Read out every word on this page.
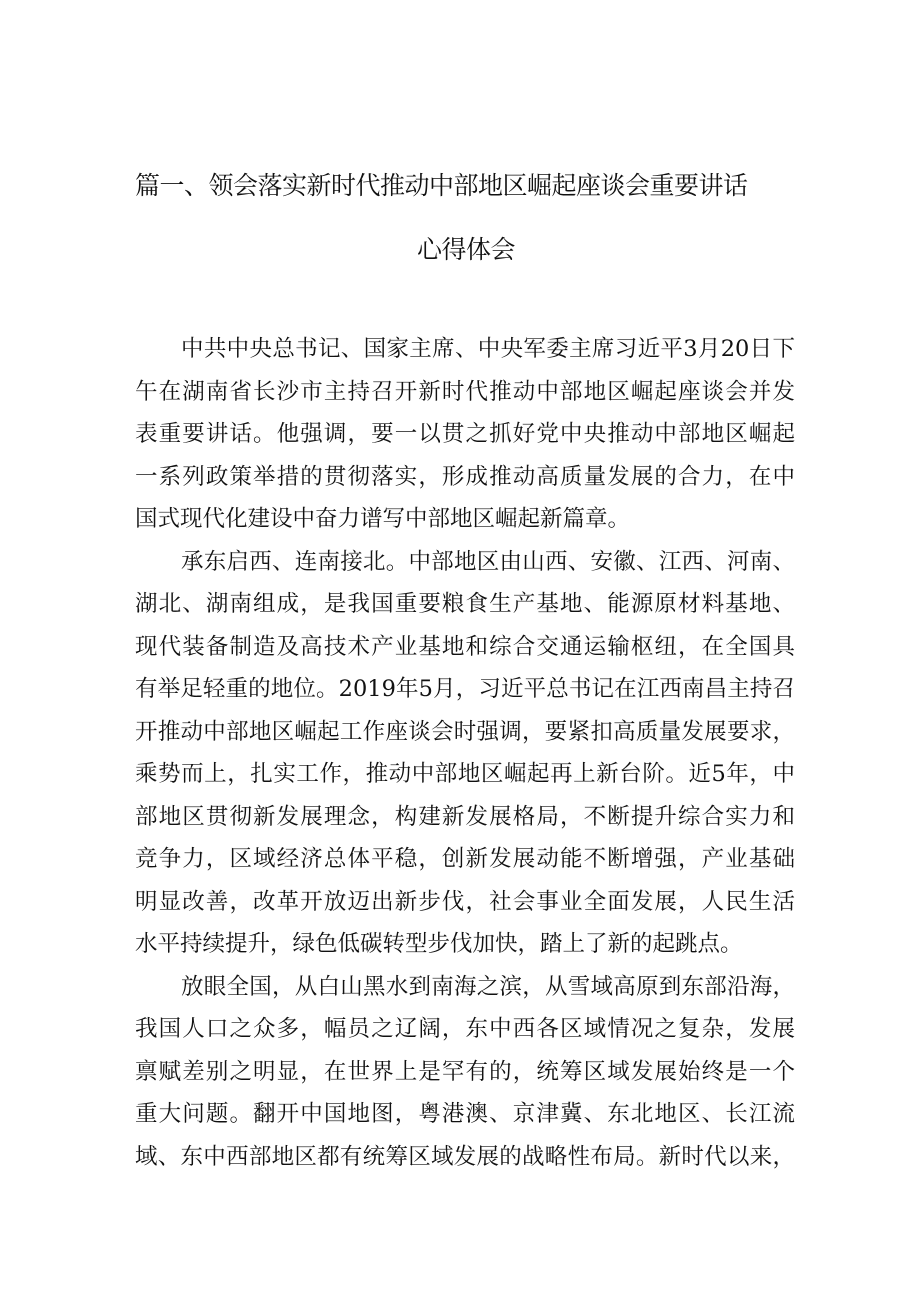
篇一、领会落实新时代推动中部地区崛起座谈会重要讲话
心得体会
中共中央总书记、国家主席、中央军委主席习近平3月20日下
午在湖南省长沙市主持召开新时代推动中部地区崛起座谈会并发
表重要讲话。他强调，要一以贯之抓好党中央推动中部地区崛起
一系列政策举措的贯彻落实，形成推动高质量发展的合力，在中
国式现代化建设中奋力谱写中部地区崛起新篇章。
承东启西、连南接北。中部地区由山西、安徽、江西、河南、
湖北、湖南组成，是我国重要粮食生产基地、能源原材料基地、
现代装备制造及高技术产业基地和综合交通运输枢纽，在全国具
有举足轻重的地位。2019年5月，习近平总书记在江西南昌主持召
开推动中部地区崛起工作座谈会时强调，要紧扣高质量发展要求，
乘势而上，扎实工作，推动中部地区崛起再上新台阶。近5年，中
部地区贯彻新发展理念，构建新发展格局，不断提升综合实力和
竞争力，区域经济总体平稳，创新发展动能不断增强，产业基础
明显改善，改革开放迈出新步伐，社会事业全面发展，人民生活
水平持续提升，绿色低碳转型步伐加快，踏上了新的起跳点。
放眼全国，从白山黑水到南海之滨，从雪域高原到东部沿海，
我国人口之众多，幅员之辽阔，东中西各区域情况之复杂，发展
禀赋差别之明显，在世界上是罕有的，统筹区域发展始终是一个
重大问题。翻开中国地图，粤港澳、京津冀、东北地区、长江流
域、东中西部地区都有统筹区域发展的战略性布局。新时代以来，
